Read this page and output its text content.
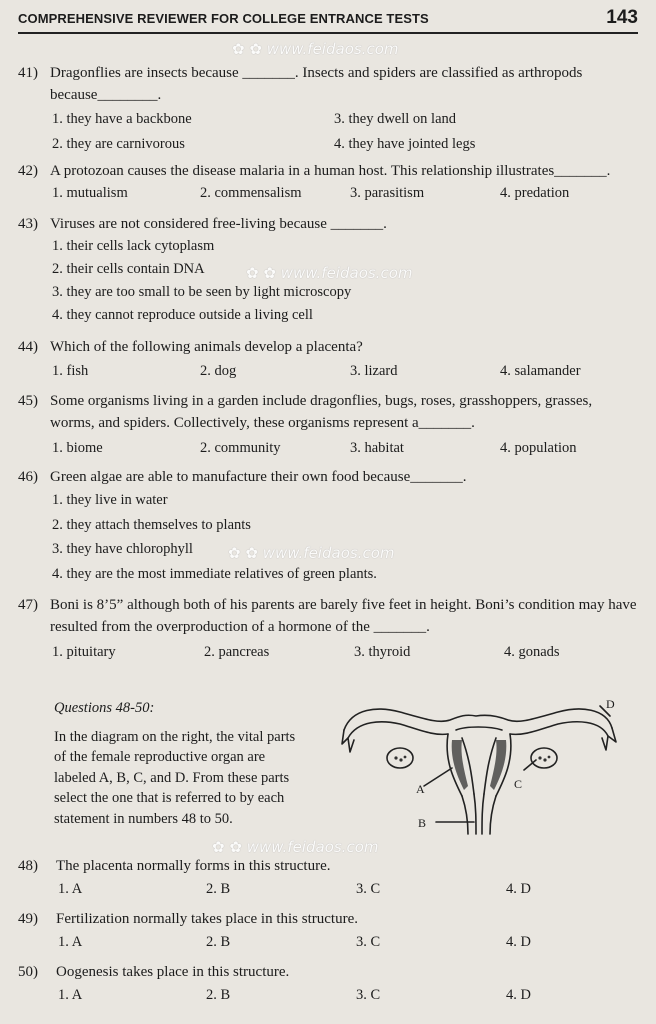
COMPREHENSIVE REVIEWER FOR COLLEGE ENTRANCE TESTS	143
✿ ✿ www.feidaos.com
✿ ✿ www.feidaos.com
✿ ✿ www.feidaos.com
✿ ✿ www.feidaos.com
41) Dragonflies are insects because _______. Insects and spiders are classified as arthropods because________.
1. they have a backbone	3. they dwell on land
2. they are carnivorous	4. they have jointed legs
42) A protozoan causes the disease malaria in a human host. This relationship illustrates_______.
1. mutualism	2. commensalism	3. parasitism	4. predation
43) Viruses are not considered free-living because _______.
1. their cells lack cytoplasm
2. their cells contain DNA
3. they are too small to be seen by light microscopy
4. they cannot reproduce outside a living cell
44) Which of the following animals develop a placenta?
1. fish	2. dog	3. lizard	4. salamander
45) Some organisms living in a garden include dragonflies, bugs, roses, grasshoppers, grasses, worms, and spiders. Collectively, these organisms represent a_______.
1. biome	2. community	3. habitat	4. population
46) Green algae are able to manufacture their own food because_______.
1. they live in water
2. they attach themselves to plants
3. they have chlorophyll
4. they are the most immediate relatives of green plants.
47) Boni is 8’5” although both of his parents are barely five feet in height. Boni’s condition may have resulted from the overproduction of a hormone of the _______.
1. pituitary	2. pancreas	3. thyroid	4. gonads
Questions 48-50:
In the diagram on the right, the vital parts of the female reproductive organ are labeled A, B, C, and D. From these parts select the one that is referred to by each statement in numbers 48 to 50.
A
B
C
D
48) The placenta normally forms in this structure.
1. A	2. B	3. C	4. D
49) Fertilization normally takes place in this structure.
1. A	2. B	3. C	4. D
50) Oogenesis takes place in this structure.
1. A	2. B	3. C	4. D
